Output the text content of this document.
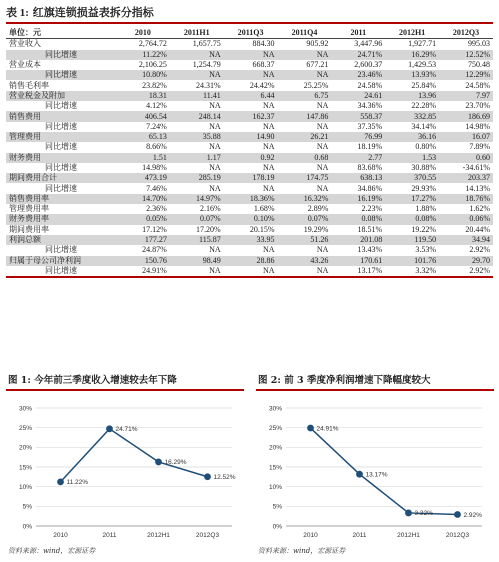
表 1: 红旗连锁损益表拆分指标
单位：元	2010	2011H1	2011Q3	2011Q4	2011	2012H1	2012Q3
营业收入	2,764.72	1,657.75	884.30	905.92	3,447.96	1,927.71	995.03
同比增速	11.22%	NA	NA	NA	24.71%	16.29%	12.52%
营业成本	2,106.25	1,254.79	668.37	677.21	2,600.37	1,429.53	750.48
同比增速	10.80%	NA	NA	NA	23.46%	13.93%	12.29%
销售毛利率	23.82%	24.31%	24.42%	25.25%	24.58%	25.84%	24.58%
营业税金及附加	18.31	11.41	6.44	6.75	24.61	13.96	7.97
同比增速	4.12%	NA	NA	NA	34.36%	22.28%	23.70%
销售费用	406.54	248.14	162.37	147.86	558.37	332.85	186.69
同比增速	7.24%	NA	NA	NA	37.35%	34.14%	14.98%
管理费用	65.13	35.88	14.90	26.21	76.99	36.16	16.07
同比增速	8.66%	NA	NA	NA	18.19%	0.80%	7.89%
财务费用	1.51	1.17	0.92	0.68	2.77	1.53	0.60
同比增速	14.98%	NA	NA	NA	83.68%	30.88%	-34.61%
期间费用合计	473.19	285.19	178.19	174.75	638.13	370.55	203.37
同比增速	7.46%	NA	NA	NA	34.86%	29.93%	14.13%
销售费用率	14.70%	14.97%	18.36%	16.32%	16.19%	17.27%	18.76%
管理费用率	2.36%	2.16%	1.68%	2.89%	2.23%	1.88%	1.62%
财务费用率	0.05%	0.07%	0.10%	0.07%	0.08%	0.08%	0.06%
期间费用率	17.12%	17.20%	20.15%	19.29%	18.51%	19.22%	20.44%
利润总额	177.27	115.87	33.95	51.26	201.08	119.50	34.94
同比增速	24.87%	NA	NA	NA	13.43%	3.53%	2.92%
归属于母公司净利润	150.76	98.49	28.86	43.26	170.61	101.76	29.70
同比增速	24.91%	NA	NA	NA	13.17%	3.32%	2.92%
图 1: 今年前三季度收入增速较去年下降
0%
5%
10%
15%
20%
25%
30%
2010	2011	2012H1	2012Q3
11.22%
24.71%
16.29%
12.52%
资料来源：wind，宏源证券
图 2: 前 3 季度净利润增速下降幅度较大
0%
5%
10%
15%
20%
25%
30%
2010	2011	2012H1	2012Q3
24.91%
13.17%
3.32%	2.92%
资料来源：wind，宏源证券
